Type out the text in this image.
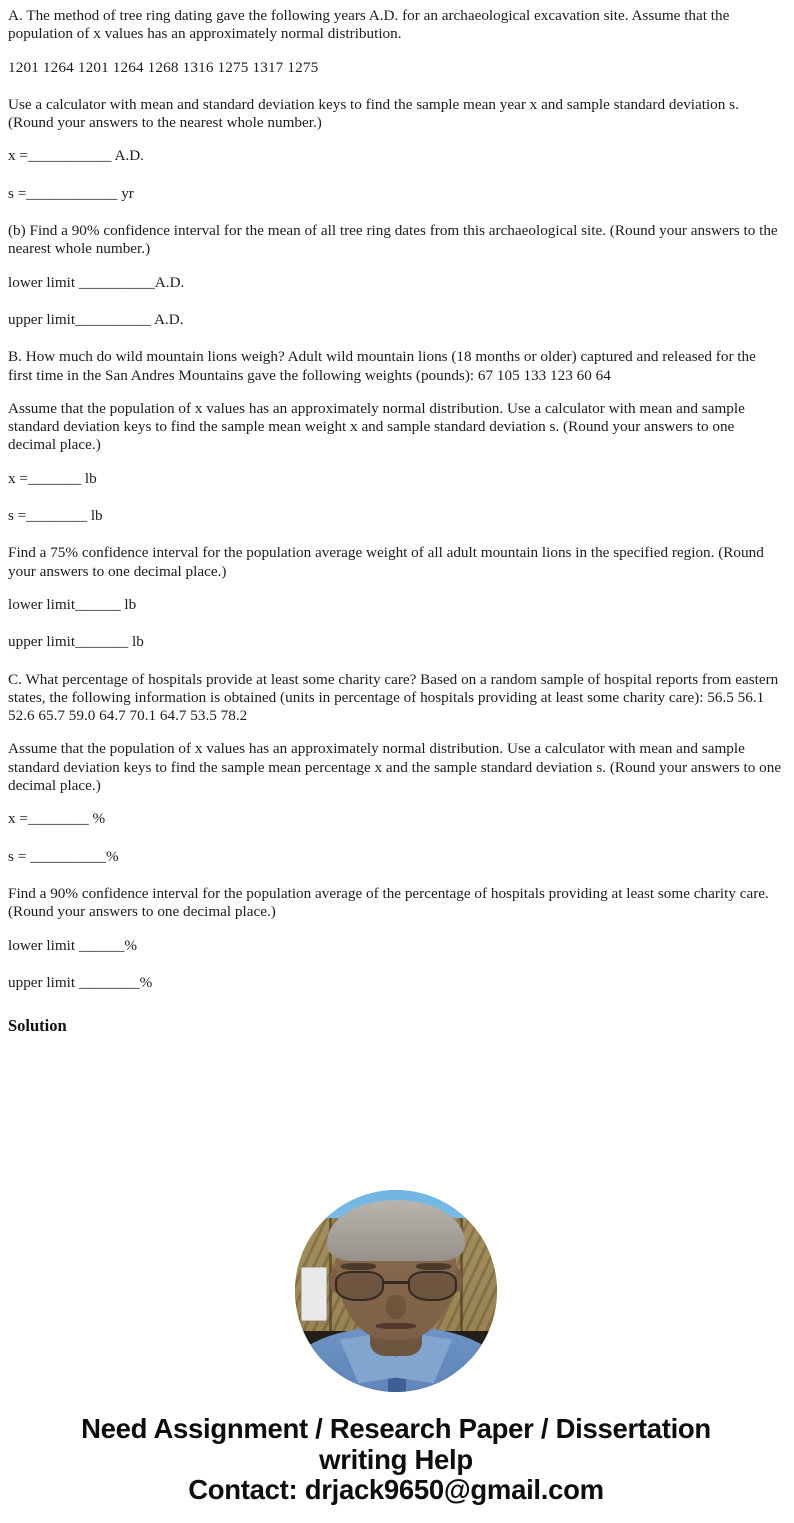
A. The method of tree ring dating gave the following years A.D. for an archaeological excavation site. Assume that the population of x values has an approximately normal distribution.

1201 1264 1201 1264 1268 1316 1275 1317 1275

Use a calculator with mean and standard deviation keys to find the sample mean year x and sample standard deviation s. (Round your answers to the nearest whole number.)

x =___________ A.D.

s =____________ yr

(b) Find a 90% confidence interval for the mean of all tree ring dates from this archaeological site. (Round your answers to the nearest whole number.)

lower limit __________A.D.

upper limit__________ A.D.

B. How much do wild mountain lions weigh? Adult wild mountain lions (18 months or older) captured and released for the first time in the San Andres Mountains gave the following weights (pounds): 67 105 133 123 60 64

Assume that the population of x values has an approximately normal distribution. Use a calculator with mean and sample standard deviation keys to find the sample mean weight x and sample standard deviation s. (Round your answers to one decimal place.)

x =_______ lb

s =________ lb

Find a 75% confidence interval for the population average weight of all adult mountain lions in the specified region. (Round your answers to one decimal place.)

lower limit______ lb

upper limit_______ lb

C. What percentage of hospitals provide at least some charity care? Based on a random sample of hospital reports from eastern states, the following information is obtained (units in percentage of hospitals providing at least some charity care): 56.5 56.1 52.6 65.7 59.0 64.7 70.1 64.7 53.5 78.2

Assume that the population of x values has an approximately normal distribution. Use a calculator with mean and sample standard deviation keys to find the sample mean percentage x and the sample standard deviation s. (Round your answers to one decimal place.)

x =________ %

s = __________%

Find a 90% confidence interval for the population average of the percentage of hospitals providing at least some charity care. (Round your answers to one decimal place.)

lower limit ______%

upper limit ________%

Solution
Need Assignment / Research Paper / Dissertation
writing Help
Contact: drjack9650@gmail.com
